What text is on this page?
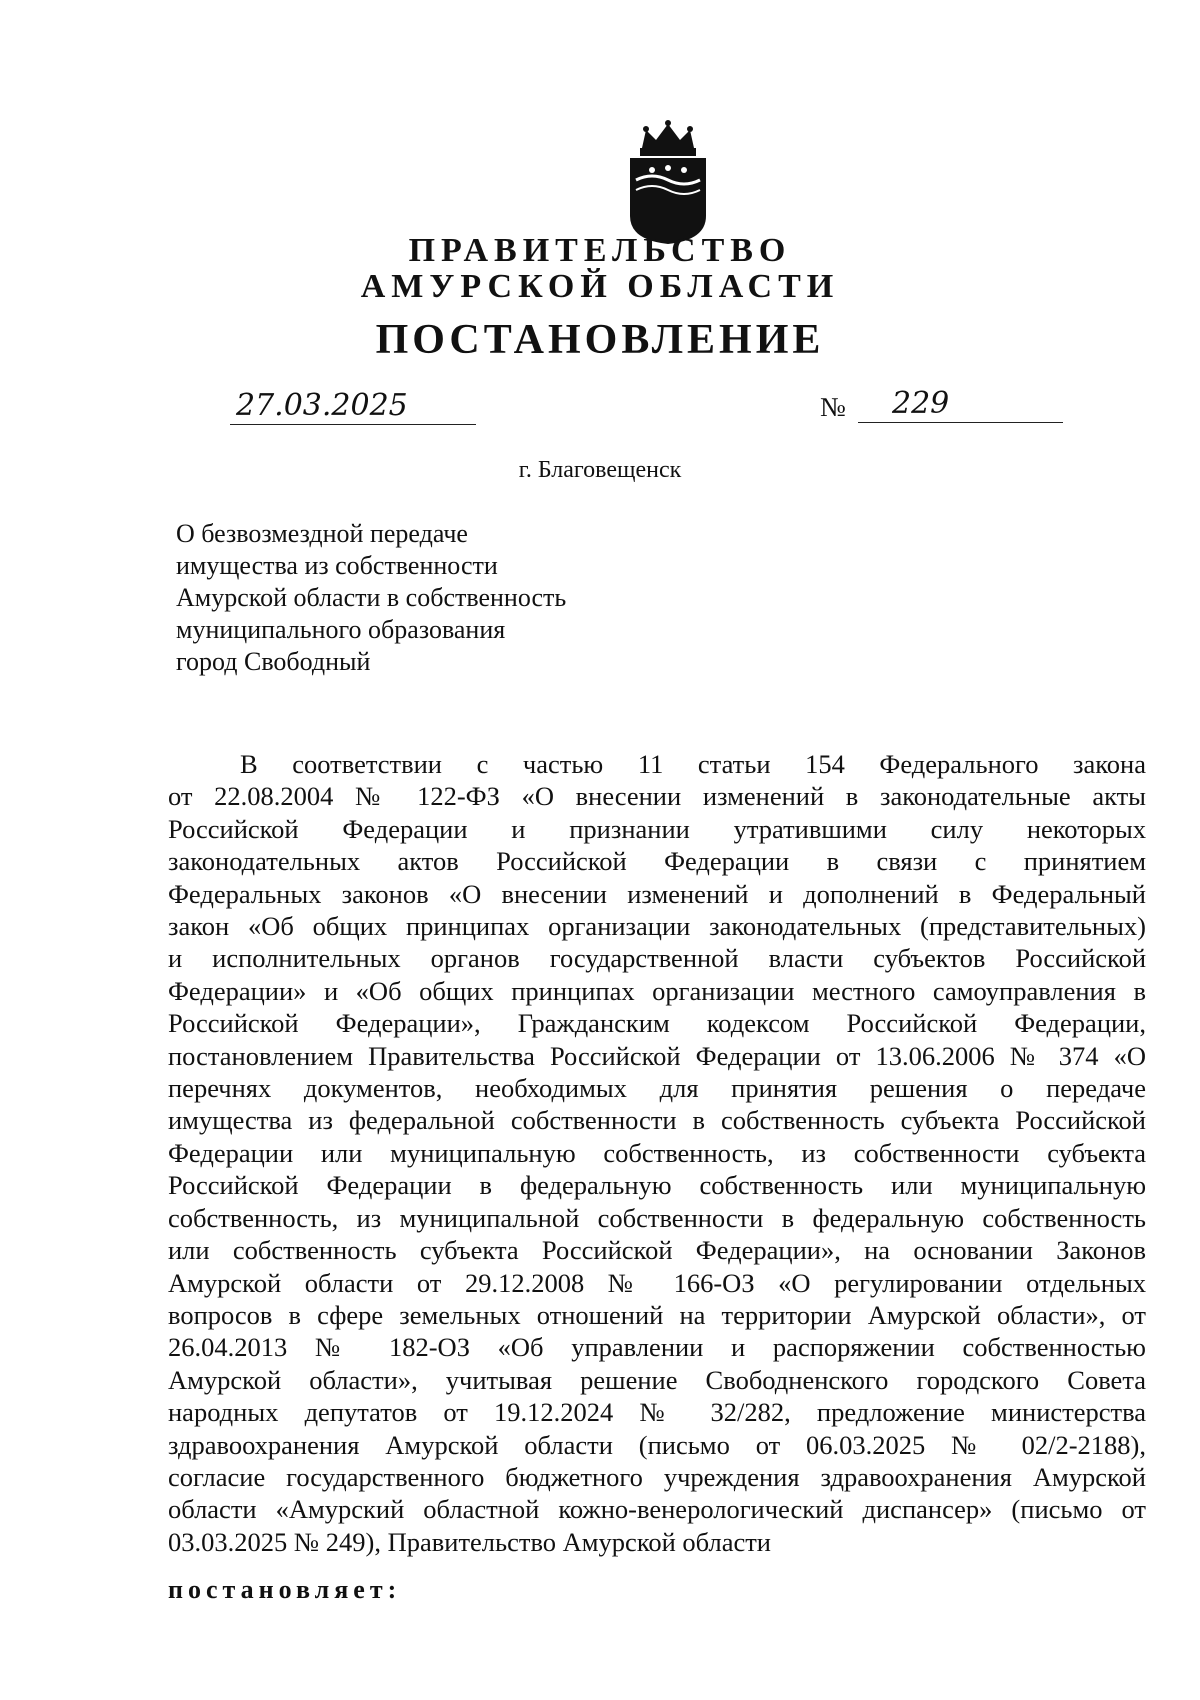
ПРАВИТЕЛЬСТВО
АМУРСКОЙ ОБЛАСТИ
ПОСТАНОВЛЕНИЕ
27.03.2025	№	229
г. Благовещенск
О безвозмездной передаче
имущества из собственности
Амурской области в собственность
муниципального образования
город Свободный
В соответствии с частью 11 статьи 154 Федерального закона
от 22.08.2004 № 122-ФЗ «О внесении изменений в законодательные акты
Российской Федерации и признании утратившими силу некоторых
законодательных актов Российской Федерации в связи с принятием
Федеральных законов «О внесении изменений и дополнений в Федеральный
закон «Об общих принципах организации законодательных (представительных)
и исполнительных органов государственной власти субъектов Российской
Федерации» и «Об общих принципах организации местного самоуправления в
Российской Федерации», Гражданским кодексом Российской Федерации,
постановлением Правительства Российской Федерации от 13.06.2006 № 374 «О
перечнях документов, необходимых для принятия решения о передаче
имущества из федеральной собственности в собственность субъекта Российской
Федерации или муниципальную собственность, из собственности субъекта
Российской Федерации в федеральную собственность или муниципальную
собственность, из муниципальной собственности в федеральную собственность
или собственность субъекта Российской Федерации», на основании Законов
Амурской области от 29.12.2008 № 166-ОЗ «О регулировании отдельных
вопросов в сфере земельных отношений на территории Амурской области», от
26.04.2013 № 182-ОЗ «Об управлении и распоряжении собственностью
Амурской области», учитывая решение Свободненского городского Совета
народных депутатов от 19.12.2024 № 32/282, предложение министерства
здравоохранения Амурской области (письмо от 06.03.2025 № 02/2-2188),
согласие государственного бюджетного учреждения здравоохранения Амурской
области «Амурский областной кожно-венерологический диспансер» (письмо от
03.03.2025 № 249), Правительство Амурской области
постановляет:
